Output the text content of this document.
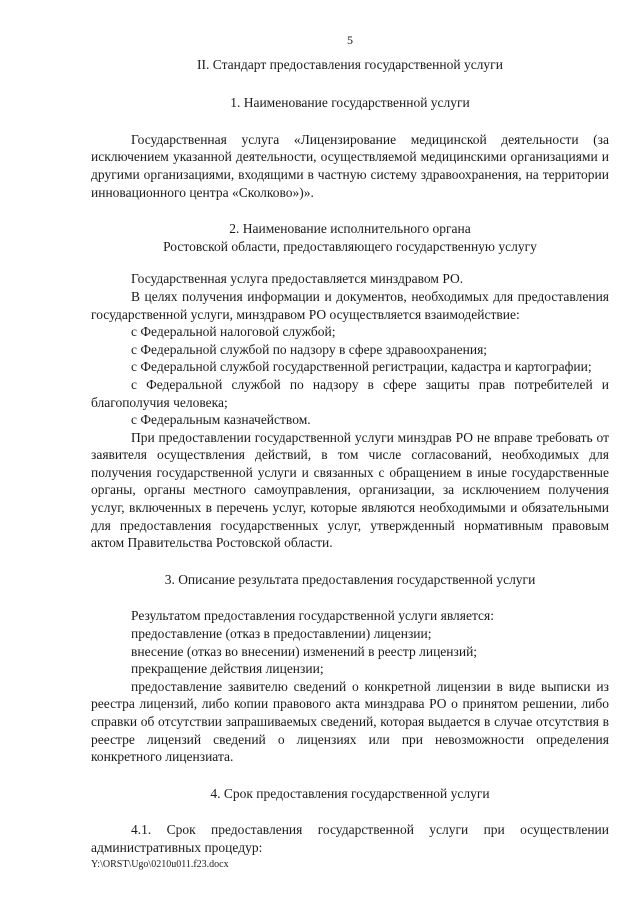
5
II. Стандарт предоставления государственной услуги
1. Наименование государственной услуги

Государственная услуга «Лицензирование медицинской деятельности (за исключением указанной деятельности, осуществляемой медицинскими организациями и другими организациями, входящими в частную систему здравоохранения, на территории инновационного центра «Сколково»)».

2. Наименование исполнительного органа
Ростовской области, предоставляющего государственную услугу

Государственная услуга предоставляется минздравом РО.

В целях получения информации и документов, необходимых для предоставления государственной услуги, минздравом РО осуществляется взаимодействие:

с Федеральной налоговой службой;

с Федеральной службой по надзору в сфере здравоохранения;

с Федеральной службой государственной регистрации, кадастра и картографии;

с Федеральной службой по надзору в сфере защиты прав потребителей и благополучия человека;

с Федеральным казначейством.

При предоставлении государственной услуги минздрав РО не вправе требовать от заявителя осуществления действий, в том числе согласований, необходимых для получения государственной услуги и связанных с обращением в иные государственные органы, органы местного самоуправления, организации, за исключением получения услуг, включенных в перечень услуг, которые являются необходимыми и обязательными для предоставления государственных услуг, утвержденный нормативным правовым актом Правительства Ростовской области.

3. Описание результата предоставления государственной услуги

Результатом предоставления государственной услуги является:

предоставление (отказ в предоставлении) лицензии;

внесение (отказ во внесении) изменений в реестр лицензий;

прекращение действия лицензии;

предоставление заявителю сведений о конкретной лицензии в виде выписки из реестра лицензий, либо копии правового акта минздрава РО о принятом решении, либо справки об отсутствии запрашиваемых сведений, которая выдается в случае отсутствия в реестре лицензий сведений о лицензиях или при невозможности определения конкретного лицензиата.

4. Срок предоставления государственной услуги

4.1. Срок предоставления государственной услуги при осуществлении административных процедур:

Y:\ORST\Ugo\0210u011.f23.docx
